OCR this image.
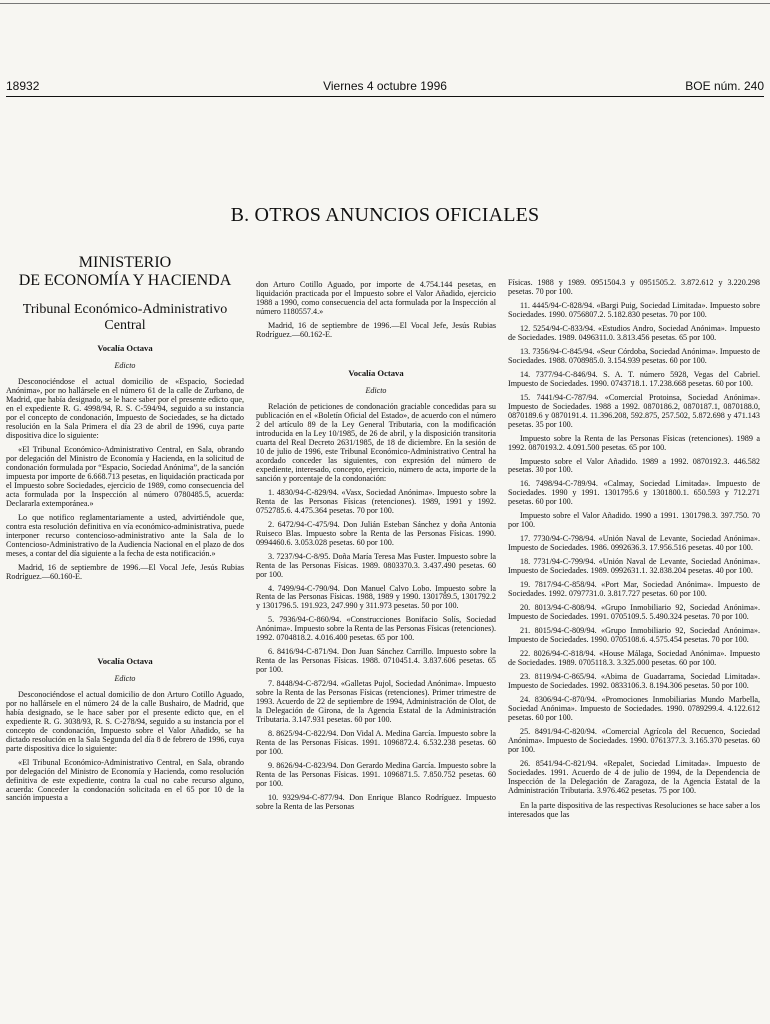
18932	Viernes 4 octubre 1996	BOE núm. 240
B. OTROS ANUNCIOS OFICIALES
MINISTERIO
DE ECONOMÍA Y HACIENDA
Tribunal Económico-Administrativo
Central
Vocalía Octava
Edicto

Desconociéndose el actual domicilio de «Espacio, Sociedad Anónima», por no hallársele en el número 61 de la calle de Zurbano, de Madrid, que había designado, se le hace saber por el presente edicto que, en el expediente R. G. 4998/94, R. S. C-594/94, seguido a su instancia por el concepto de condonación, Impuesto de Sociedades, se ha dictado resolución en la Sala Primera el día 23 de abril de 1996, cuya parte dispositiva dice lo siguiente:

«El Tribunal Económico-Administrativo Central, en Sala, obrando por delegación del Ministro de Economía y Hacienda, en la solicitud de condonación formulada por “Espacio, Sociedad Anónima”, de la sanción impuesta por importe de 6.668.713 pesetas, en liquidación practicada por el Impuesto sobre Sociedades, ejercicio de 1989, como consecuencia del acta formulada por la Inspección al número 0780485.5, acuerda: Declararla extemporánea.»

Lo que notifico reglamentariamente a usted, advirtiéndole que, contra esta resolución definitiva en vía económico-administrativa, puede interponer recurso contencioso-administrativo ante la Sala de lo Contencioso-Administrativo de la Audiencia Nacional en el plazo de dos meses, a contar del día siguiente a la fecha de esta notificación.»

Madrid, 16 de septiembre de 1996.—El Vocal Jefe, Jesús Rubias Rodríguez.—60.160-E.

Vocalía Octava
Edicto

Desconociéndose el actual domicilio de don Arturo Cotillo Aguado, por no hallársele en el número 24 de la calle Bushairo, de Madrid, que había designado, se le hace saber por el presente edicto que, en el expediente R. G. 3038/93, R. S. C-278/94, seguido a su instancia por el concepto de condonación, Impuesto sobre el Valor Añadido, se ha dictado resolución en la Sala Segunda del día 8 de febrero de 1996, cuya parte dispositiva dice lo siguiente:

«El Tribunal Económico-Administrativo Central, en Sala, obrando por delegación del Ministro de Economía y Hacienda, como resolución definitiva de este expediente, contra la cual no cabe recurso alguno, acuerda: Conceder la condonación solicitada en el 65 por 10 de la sanción impuesta a

don Arturo Cotillo Aguado, por importe de 4.754.144 pesetas, en liquidación practicada por el Impuesto sobre el Valor Añadido, ejercicio 1988 a 1990, como consecuencia del acta formulada por la Inspección al número 1180557.4.»

Madrid, 16 de septiembre de 1996.—El Vocal Jefe, Jesús Rubias Rodríguez.—60.162-E.

Vocalía Octava
Edicto

Relación de peticiones de condonación graciable concedidas para su publicación en el «Boletín Oficial del Estado», de acuerdo con el número 2 del artículo 89 de la Ley General Tributaria, con la modificación introducida en la Ley 10/1985, de 26 de abril, y la disposición transitoria cuarta del Real Decreto 2631/1985, de 18 de diciembre. En la sesión de 10 de julio de 1996, este Tribunal Económico-Administrativo Central ha acordado conceder las siguientes, con expresión del número de expediente, interesado, concepto, ejercicio, número de acta, importe de la sanción y porcentaje de la condonación:

1. 4830/94-C-829/94. «Vasx, Sociedad Anónima». Impuesto sobre la Renta de las Personas Físicas (retenciones). 1989, 1991 y 1992. 0752785.6. 4.475.364 pesetas. 70 por 100.

2. 6472/94-C-475/94. Don Julián Esteban Sánchez y doña Antonia Ruiseco Blas. Impuesto sobre la Renta de las Personas Físicas. 1990. 0994460.6. 3.053.028 pesetas. 60 por 100.

3. 7237/94-C-8/95. Doña María Teresa Mas Fuster. Impuesto sobre la Renta de las Personas Físicas. 1989. 0803370.3. 3.437.490 pesetas. 60 por 100.

4. 7499/94-C-790/94. Don Manuel Calvo Lobo. Impuesto sobre la Renta de las Personas Físicas. 1988, 1989 y 1990. 1301789.5, 1301792.2 y 1301796.5. 191.923, 247.990 y 311.973 pesetas. 50 por 100.

5. 7936/94-C-860/94. «Construcciones Bonifacio Solís, Sociedad Anónima». Impuesto sobre la Renta de las Personas Físicas (retenciones). 1992. 0704818.2. 4.016.400 pesetas. 65 por 100.

6. 8416/94-C-871/94. Don Juan Sánchez Carrillo. Impuesto sobre la Renta de las Personas Físicas. 1988. 0710451.4. 3.837.606 pesetas. 65 por 100.

7. 8448/94-C-872/94. «Galletas Pujol, Sociedad Anónima». Impuesto sobre la Renta de las Personas Físicas (retenciones). Primer trimestre de 1993. Acuerdo de 22 de septiembre de 1994, Administración de Olot, de la Delegación de Girona, de la Agencia Estatal de la Administración Tributaria. 3.147.931 pesetas. 60 por 100.

8. 8625/94-C-822/94. Don Vidal A. Medina García. Impuesto sobre la Renta de las Personas Físicas. 1991. 1096872.4. 6.532.238 pesetas. 60 por 100.

9. 8626/94-C-823/94. Don Gerardo Medina García. Impuesto sobre la Renta de las Personas Físicas. 1991. 1096871.5. 7.850.752 pesetas. 60 por 100.

10. 9329/94-C-877/94. Don Enrique Blanco Rodríguez. Impuesto sobre la Renta de las Personas

Físicas. 1988 y 1989. 0951504.3 y 0951505.2. 3.872.612 y 3.220.298 pesetas. 70 por 100.

11. 4445/94-C-828/94. «Bargi Puig, Sociedad Limitada». Impuesto sobre Sociedades. 1990. 0756807.2. 5.182.830 pesetas. 70 por 100.

12. 5254/94-C-833/94. «Estudios Andro, Sociedad Anónima». Impuesto de Sociedades. 1989. 0496311.0. 3.813.456 pesetas. 65 por 100.

13. 7356/94-C-845/94. «Seur Córdoba, Sociedad Anónima». Impuesto de Sociedades. 1988. 0708985.0. 3.154.939 pesetas. 60 por 100.

14. 7377/94-C-846/94. S. A. T. número 5928, Vegas del Cabriel. Impuesto de Sociedades. 1990. 0743718.1. 17.238.668 pesetas. 60 por 100.

15. 7441/94-C-787/94. «Comercial Protoinsa, Sociedad Anónima». Impuesto de Sociedades. 1988 a 1992. 0870186.2, 0870187.1, 0870188.0, 0870189.6 y 0870191.4. 11.396.208, 592.875, 257.502, 5.872.698 y 471.143 pesetas. 35 por 100.

Impuesto sobre la Renta de las Personas Físicas (retenciones). 1989 a 1992. 0870193.2. 4.091.500 pesetas. 65 por 100.

Impuesto sobre el Valor Añadido. 1989 a 1992. 0870192.3. 446.582 pesetas. 30 por 100.

16. 7498/94-C-789/94. «Calmay, Sociedad Limitada». Impuesto de Sociedades. 1990 y 1991. 1301795.6 y 1301800.1. 650.593 y 712.271 pesetas. 60 por 100.

Impuesto sobre el Valor Añadido. 1990 a 1991. 1301798.3. 397.750. 70 por 100.

17. 7730/94-C-798/94. «Unión Naval de Levante, Sociedad Anónima». Impuesto de Sociedades. 1986. 0992636.3. 17.956.516 pesetas. 40 por 100.

18. 7731/94-C-799/94. «Unión Naval de Levante, Sociedad Anónima». Impuesto de Sociedades. 1989. 0992631.1. 32.838.204 pesetas. 40 por 100.

19. 7817/94-C-858/94. «Port Mar, Sociedad Anónima». Impuesto de Sociedades. 1992. 0797731.0. 3.817.727 pesetas. 60 por 100.

20. 8013/94-C-808/94. «Grupo Inmobiliario 92, Sociedad Anónima». Impuesto de Sociedades. 1991. 0705109.5. 5.490.324 pesetas. 70 por 100.

21. 8015/94-C-809/94. «Grupo Inmobiliario 92, Sociedad Anónima». Impuesto de Sociedades. 1990. 0705108.6. 4.575.454 pesetas. 70 por 100.

22. 8026/94-C-818/94. «House Málaga, Sociedad Anónima». Impuesto de Sociedades. 1989. 0705118.3. 3.325.000 pesetas. 60 por 100.

23. 8119/94-C-865/94. «Abima de Guadarrama, Sociedad Limitada». Impuesto de Sociedades. 1992. 0833106.3. 8.194.306 pesetas. 50 por 100.

24. 8306/94-C-870/94. «Promociones Inmobiliarias Mundo Marbella, Sociedad Anónima». Impuesto de Sociedades. 1990. 0789299.4. 4.122.612 pesetas. 60 por 100.

25. 8491/94-C-820/94. «Comercial Agrícola del Recuenco, Sociedad Anónima». Impuesto de Sociedades. 1990. 0761377.3. 3.165.370 pesetas. 60 por 100.

26. 8541/94-C-821/94. «Repalet, Sociedad Limitada». Impuesto de Sociedades. 1991. Acuerdo de 4 de julio de 1994, de la Dependencia de Inspección de la Delegación de Zaragoza, de la Agencia Estatal de la Administración Tributaria. 3.976.462 pesetas. 75 por 100.

En la parte dispositiva de las respectivas Resoluciones se hace saber a los interesados que las
